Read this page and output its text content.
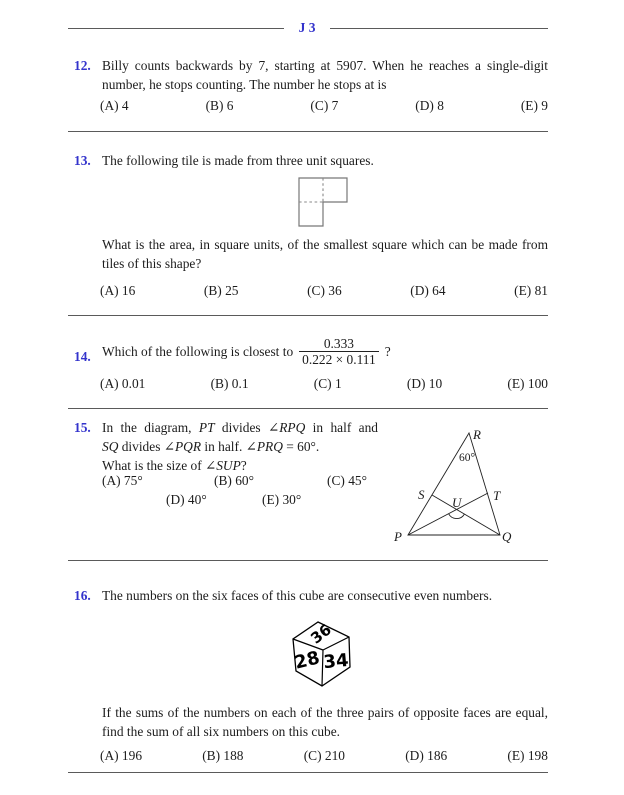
J 3
12. Billy counts backwards by 7, starting at 5907. When he reaches a single-digit
number, he stops counting. The number he stops at is
(A) 4	(B) 6	(C) 7	(D) 8	(E) 9
13. The following tile is made from three unit squares.
What is the area, in square units, of the smallest square which can be made from
tiles of this shape?
(A) 16	(B) 25	(C) 36	(D) 64	(E) 81
14. Which of the following is closest to $\frac{0.333}{0.222 \times 0.111}$ ?
(A) 0.01	(B) 0.1	(C) 1	(D) 10	(E) 100
15. In the diagram, PT divides ∠RPQ in half and
SQ divides ∠PQR in half. ∠PRQ = 60°.
What is the size of ∠SUP?
(A) 75°	(B) 60°	(C) 45°
(D) 40°	(E) 30°
R
60°
S	T
U
P	Q
16. The numbers on the six faces of this cube are consecutive even numbers.
36
28 34
If the sums of the numbers on each of the three pairs of opposite faces are equal,
find the sum of all six numbers on this cube.
(A) 196	(B) 188	(C) 210	(D) 186	(E) 198
